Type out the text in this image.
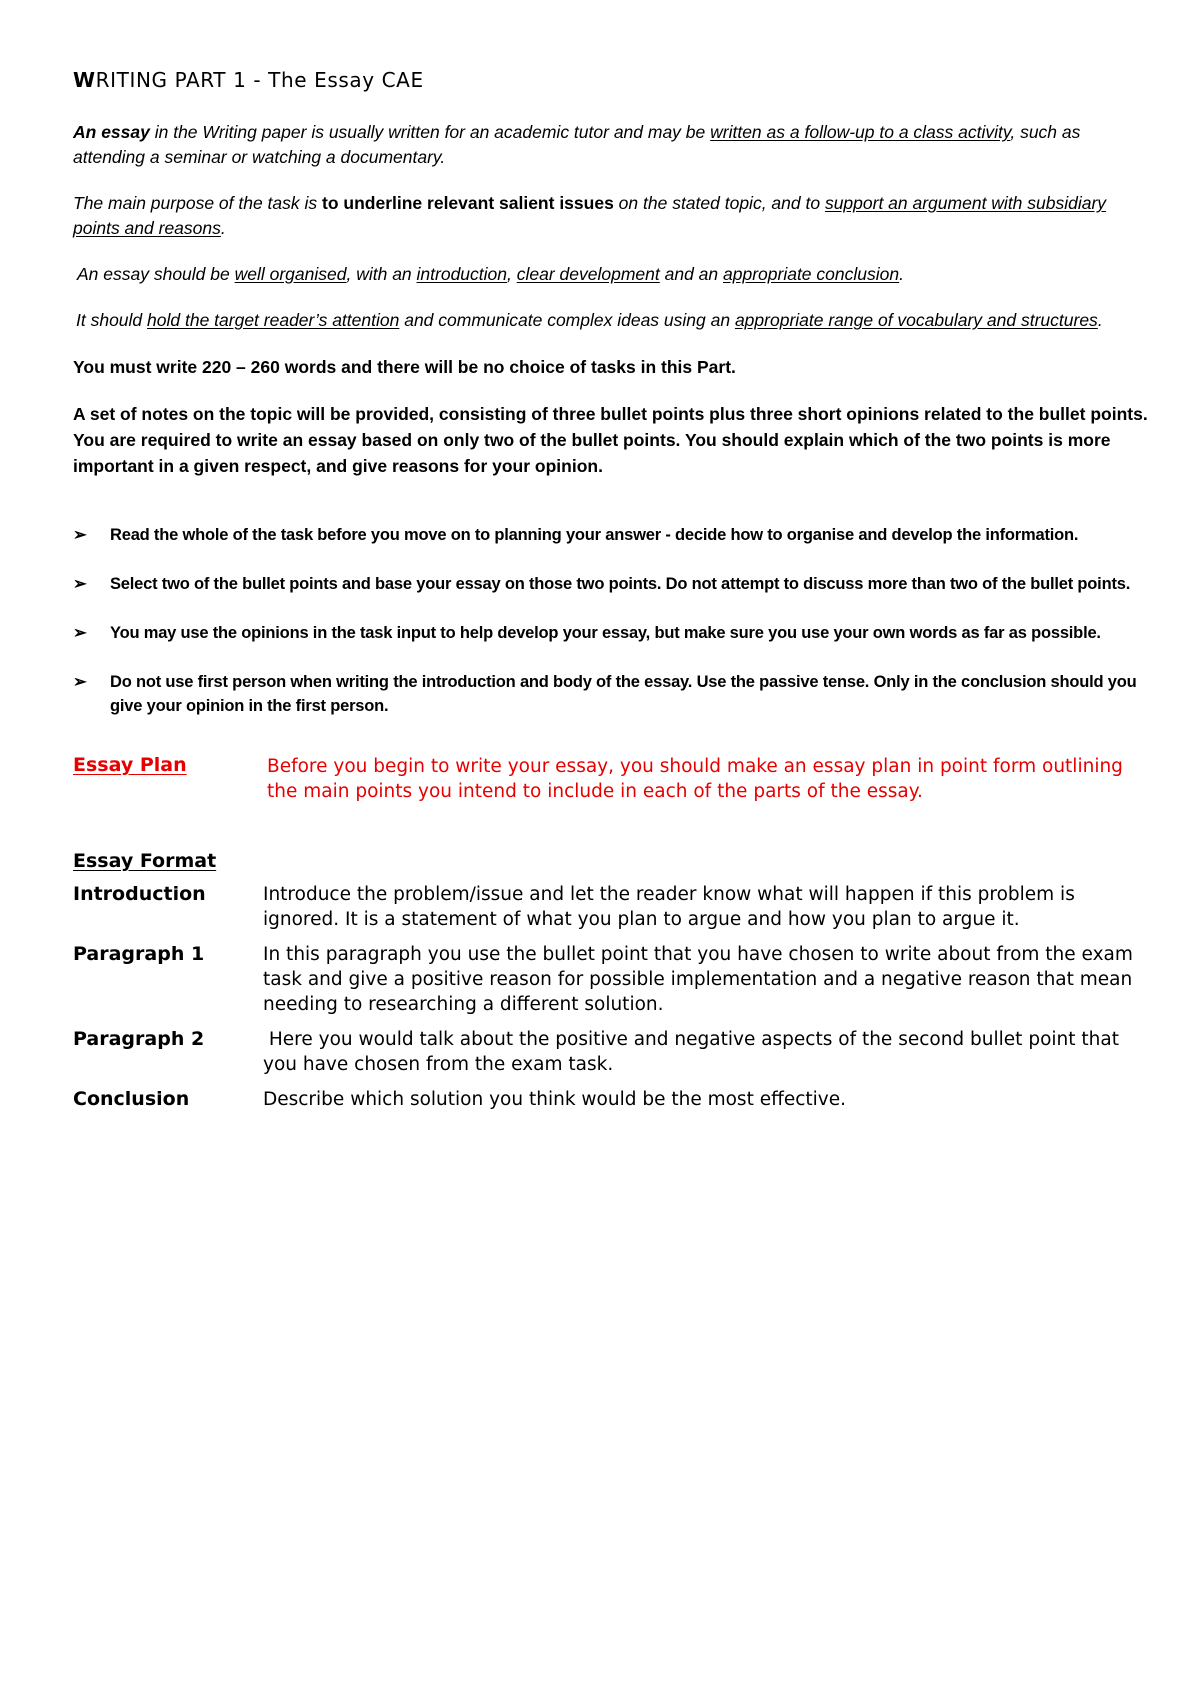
WRITING PART 1 - The Essay CAE

An essay in the Writing paper is usually written for an academic tutor and may be written as a follow-up to a class activity, such as attending a seminar or watching a documentary.

The main purpose of the task is to underline relevant salient issues on the stated topic, and to support an argument with subsidiary points and reasons.

An essay should be well organised, with an introduction, clear development and an appropriate conclusion.

It should hold the target reader’s attention and communicate complex ideas using an appropriate range of vocabulary and structures.

You must write 220 – 260 words and there will be no choice of tasks in this Part.

A set of notes on the topic will be provided, consisting of three bullet points plus three short opinions related to the bullet points. You are required to write an essay based on only two of the bullet points. You should explain which of the two points is more important in a given respect, and give reasons for your opinion.

➢ Read the whole of the task before you move on to planning your answer - decide how to organise and develop the information.
➢ Select two of the bullet points and base your essay on those two points. Do not attempt to discuss more than two of the bullet points.
➢ You may use the opinions in the task input to help develop your essay, but make sure you use your own words as far as possible.
➢ Do not use first person when writing the introduction and body of the essay. Use the passive tense. Only in the conclusion should you give your opinion in the first person.
Essay Plan	Before you begin to write your essay, you should make an essay plan in point form outlining the main points you intend to include in each of the parts of the essay.
Essay Format
Introduction	Introduce the problem/issue and let the reader know what will happen if this problem is ignored. It is a statement of what you plan to argue and how you plan to argue it.
Paragraph 1	In this paragraph you use the bullet point that you have chosen to write about from the exam task and give a positive reason for possible implementation and a negative reason that mean needing to researching a different solution.
Paragraph 2	Here you would talk about the positive and negative aspects of the second bullet point that you have chosen from the exam task.
Conclusion	Describe which solution you think would be the most effective.
